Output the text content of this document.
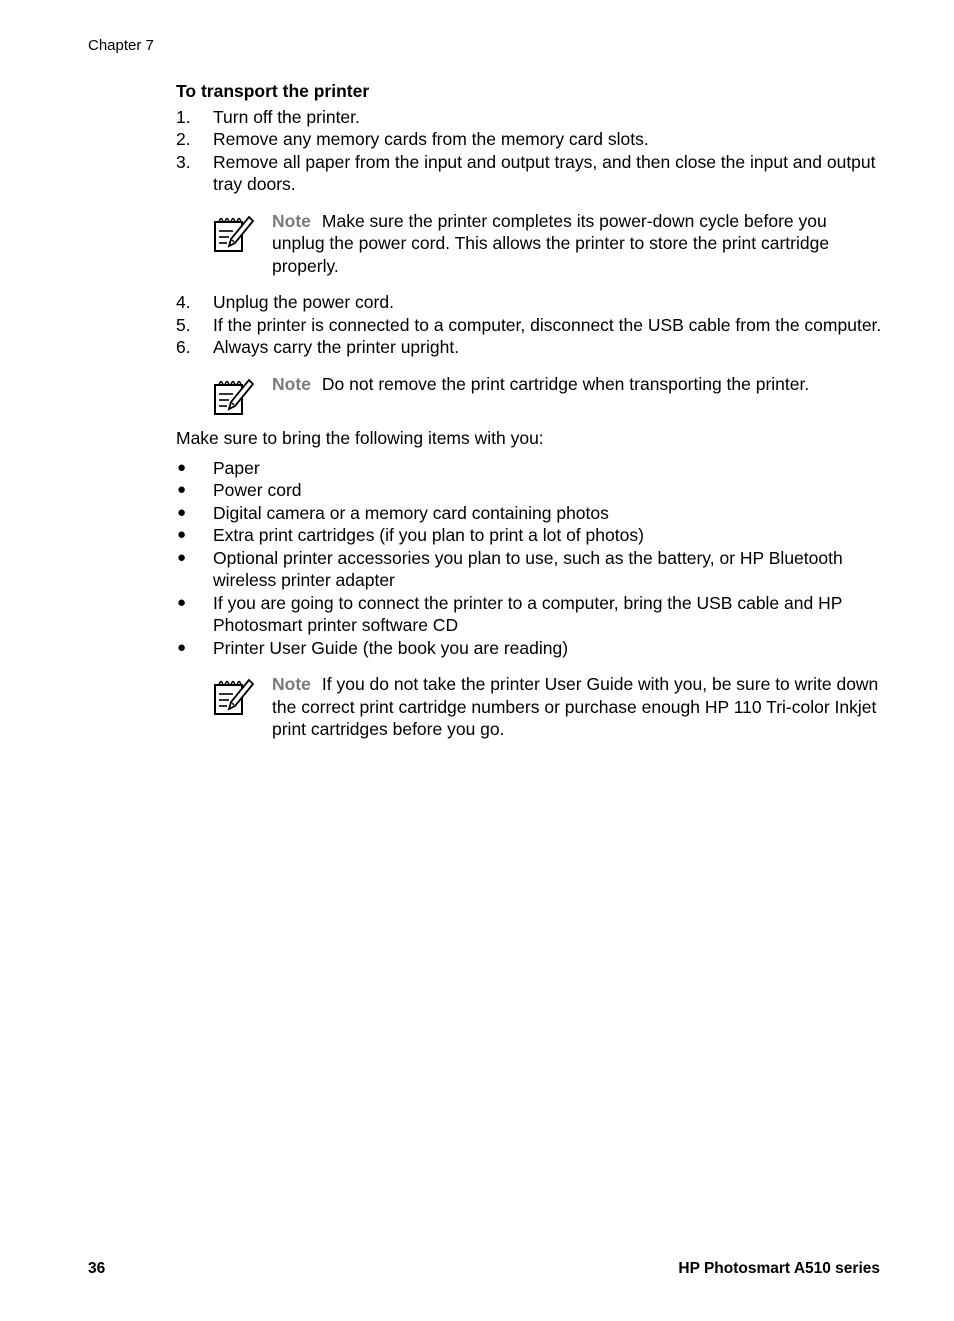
Chapter 7
To transport the printer
1. Turn off the printer.
2. Remove any memory cards from the memory card slots.
3. Remove all paper from the input and output trays, and then close the input and output tray doors.
Note Make sure the printer completes its power-down cycle before you unplug the power cord. This allows the printer to store the print cartridge properly.
4. Unplug the power cord.
5. If the printer is connected to a computer, disconnect the USB cable from the computer.
6. Always carry the printer upright.
Note Do not remove the print cartridge when transporting the printer.

Make sure to bring the following items with you:

● Paper
● Power cord
● Digital camera or a memory card containing photos
● Extra print cartridges (if you plan to print a lot of photos)
● Optional printer accessories you plan to use, such as the battery, or HP Bluetooth wireless printer adapter
● If you are going to connect the printer to a computer, bring the USB cable and HP Photosmart printer software CD
● Printer User Guide (the book you are reading)
Note If you do not take the printer User Guide with you, be sure to write down the correct print cartridge numbers or purchase enough HP 110 Tri-color Inkjet print cartridges before you go.
36	HP Photosmart A510 series
